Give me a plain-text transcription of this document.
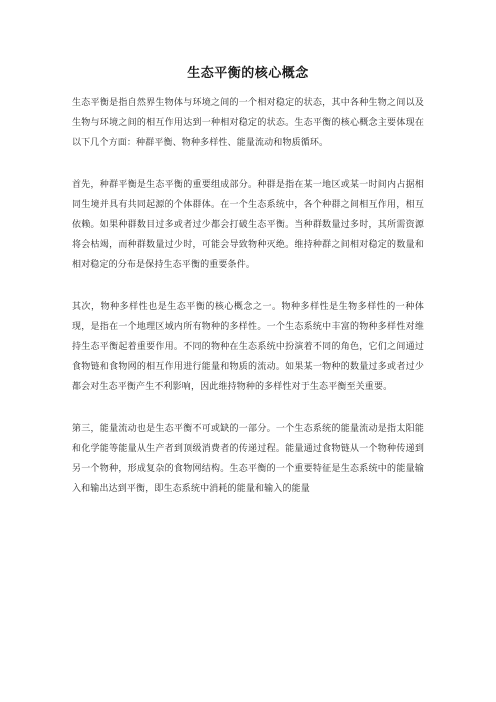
生态平衡的核心概念

生态平衡是指自然界生物体与环境之间的一个相对稳定的状态，其中各种生物之间以及生物与环境之间的相互作用达到一种相对稳定的状态。生态平衡的核心概念主要体现在以下几个方面：种群平衡、物种多样性、能量流动和物质循环。

首先，种群平衡是生态平衡的重要组成部分。种群是指在某一地区或某一时间内占据相同生境并具有共同起源的个体群体。在一个生态系统中，各个种群之间相互作用，相互依赖。如果种群数目过多或者过少都会打破生态平衡。当种群数量过多时，其所需资源将会枯竭，而种群数量过少时，可能会导致物种灭绝。维持种群之间相对稳定的数量和相对稳定的分布是保持生态平衡的重要条件。

其次，物种多样性也是生态平衡的核心概念之一。物种多样性是生物多样性的一种体现，是指在一个地理区域内所有物种的多样性。一个生态系统中丰富的物种多样性对维持生态平衡起着重要作用。不同的物种在生态系统中扮演着不同的角色，它们之间通过食物链和食物网的相互作用进行能量和物质的流动。如果某一物种的数量过多或者过少都会对生态平衡产生不利影响，因此维持物种的多样性对于生态平衡至关重要。

第三，能量流动也是生态平衡不可或缺的一部分。一个生态系统的能量流动是指太阳能和化学能等能量从生产者到顶级消费者的传递过程。能量通过食物链从一个物种传递到另一个物种，形成复杂的食物网结构。生态平衡的一个重要特征是生态系统中的能量输入和输出达到平衡，即生态系统中消耗的能量和输入的能量
